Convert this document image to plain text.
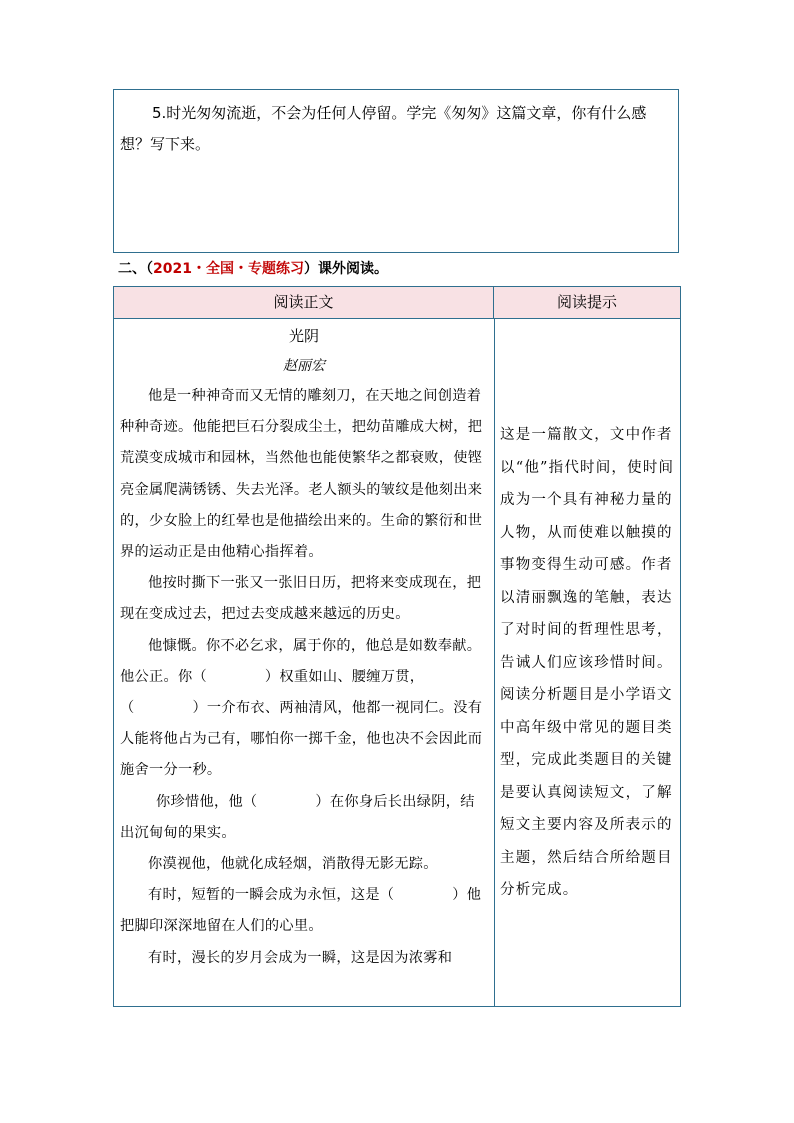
5.时光匆匆流逝，不会为任何人停留。学完《匆匆》这篇文章，你有什么感想？写下来。
二、（2021・全国・专题练习）课外阅读。
阅读正文	阅读提示
光阴
赵丽宏
他是一种神奇而又无情的雕刻刀，在天地之间创造着种种奇迹。他能把巨石分裂成尘土，把幼苗雕成大树，把荒漠变成城市和园林，当然他也能使繁华之都衰败，使铿亮金属爬满锈锈、失去光泽。老人额头的皱纹是他刻出来的，少女脸上的红晕也是他描绘出来的。生命的繁衍和世界的运动正是由他精心指挥着。
他按时撕下一张又一张旧日历，把将来变成现在，把现在变成过去，把过去变成越来越远的历史。
他慷慨。你不必乞求，属于你的，他总是如数奉献。
他公正。你（　　　　）权重如山、腰缠万贯，（　　　　）一介布衣、两袖清风，他都一视同仁。没有人能将他占为己有，哪怕你一掷千金，他也决不会因此而施舍一分一秒。
你珍惜他，他（　　　　）在你身后长出绿阴，结出沉甸甸的果实。
你漠视他，他就化成轻烟，消散得无影无踪。
有时，短暂的一瞬会成为永恒，这是（　　　　）他把脚印深深地留在人们的心里。
有时，漫长的岁月会成为一瞬，这是因为浓雾和
这是一篇散文，文中作者以“他”指代时间，使时间成为一个具有神秘力量的人物，从而使难以触摸的事物变得生动可感。作者以清丽飘逸的笔触，表达了对时间的哲理性思考，告诫人们应该珍惜时间。阅读分析题目是小学语文中高年级中常见的题目类型，完成此类题目的关键是要认真阅读短文，了解短文主要内容及所表示的主题，然后结合所给题目分析完成。
